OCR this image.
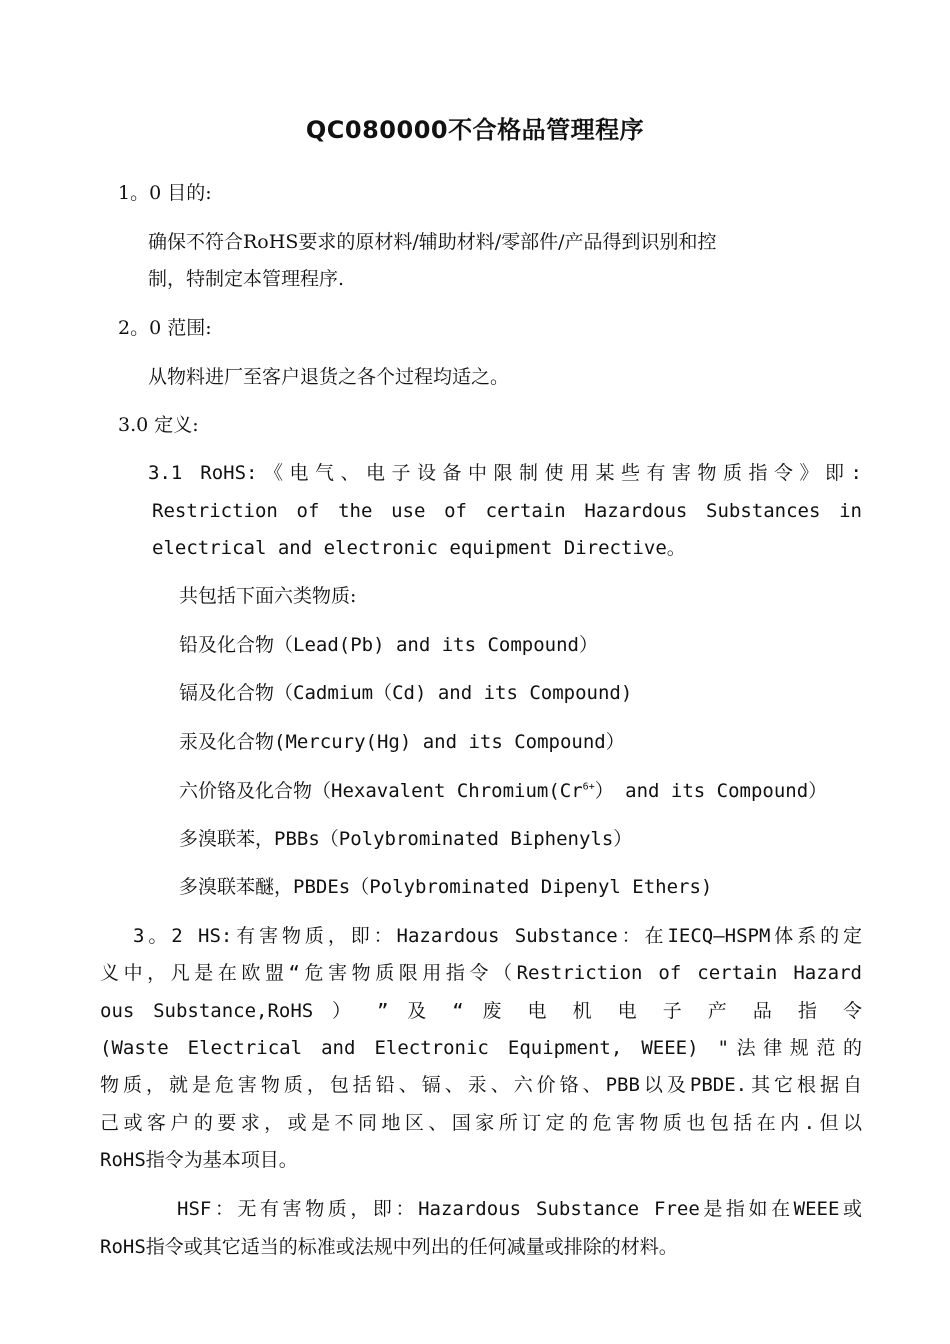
QC080000不合格品管理程序
1。0 目的:
确保不符合RoHS要求的原材料/辅助材料/零部件/产品得到识别和控
制，特制定本管理程序.
2。0 范围:
从物料进厂至客户退货之各个过程均适之。
3.0 定义:
3.1 RoHS:《电气、电子设备中限制使用某些有害物质指令》即:
Restriction of the use of certain Hazardous Substances in
electrical and electronic equipment Directive。
共包括下面六类物质:
铅及化合物（Lead(Pb) and its Compound）
镉及化合物（Cadmium（Cd) and its Compound)
汞及化合物(Mercury(Hg) and its Compound）
六价铬及化合物（Hexavalent $Chromium(Cr^{6+})$ and its Compound）
多溴联苯，PBBs（Polybrominated Biphenyls）
多溴联苯醚，PBDEs（Polybrominated Dipenyl Ethers)
3。2 HS:有害物质，即：Hazardous Substance：在IECQ—HSPM体系的定
义中，凡是在欧盟“危害物质限用指令（Restriction of certain Hazard
ous Substance,RoHS ） ” 及 “ 废 电 机 电 子 产 品 指 令
(Waste Electrical and Electronic Equipment, WEEE) "法律规范的
物质，就是危害物质，包括铅、镉、汞、六价铬、PBB以及PBDE.其它根据自
己或客户的要求，或是不同地区、国家所订定的危害物质也包括在内.但以
RoHS指令为基本项目。
HSF：无有害物质，即：Hazardous Substance Free是指如在WEEE或
RoHS指令或其它适当的标准或法规中列出的任何减量或排除的材料。
